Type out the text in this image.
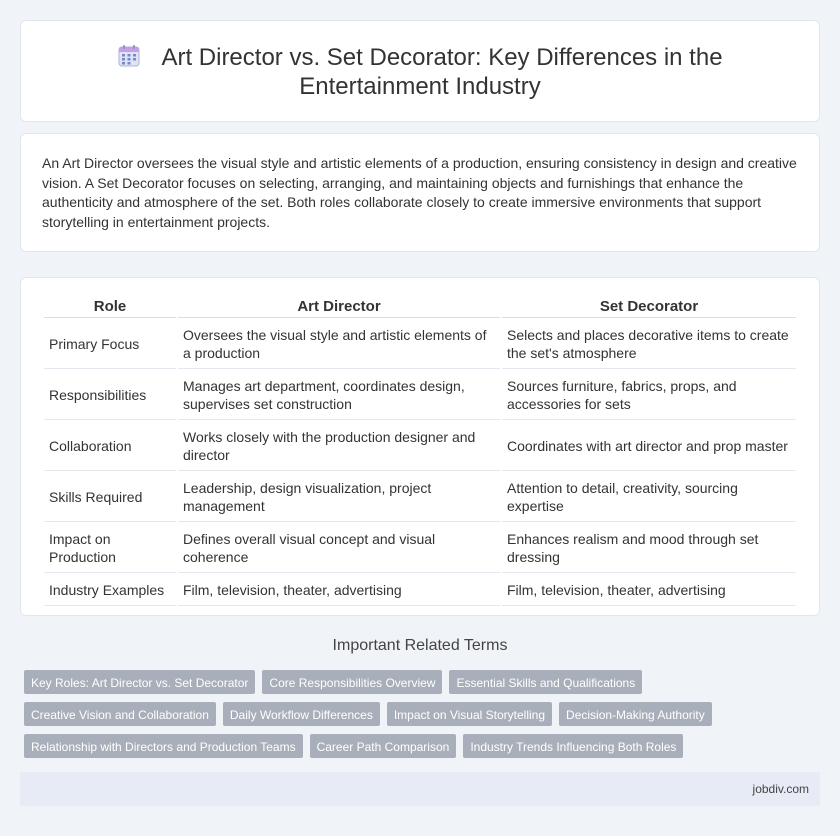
Art Director vs. Set Decorator: Key Differences in the
Entertainment Industry

An Art Director oversees the visual style and artistic elements of a production, ensuring consistency in design and creative vision. A Set Decorator focuses on selecting, arranging, and maintaining objects and furnishings that enhance the authenticity and atmosphere of the set. Both roles collaborate closely to create immersive environments that support storytelling in entertainment projects.

Role	Art Director	Set Decorator
Primary Focus	Oversees the visual style and artistic elements of a production	Selects and places decorative items to create the set's atmosphere
Responsibilities	Manages art department, coordinates design, supervises set construction	Sources furniture, fabrics, props, and accessories for sets
Collaboration	Works closely with the production designer and director	Coordinates with art director and prop master
Skills Required	Leadership, design visualization, project management	Attention to detail, creativity, sourcing expertise
Impact on Production	Defines overall visual concept and visual coherence	Enhances realism and mood through set dressing
Industry Examples	Film, television, theater, advertising	Film, television, theater, advertising
Important Related Terms
Key Roles: Art Director vs. Set Decorator	Core Responsibilities Overview	Essential Skills and Qualifications
Creative Vision and Collaboration	Daily Workflow Differences	Impact on Visual Storytelling	Decision-Making Authority
Relationship with Directors and Production Teams	Career Path Comparison	Industry Trends Influencing Both Roles
jobdiv.com
